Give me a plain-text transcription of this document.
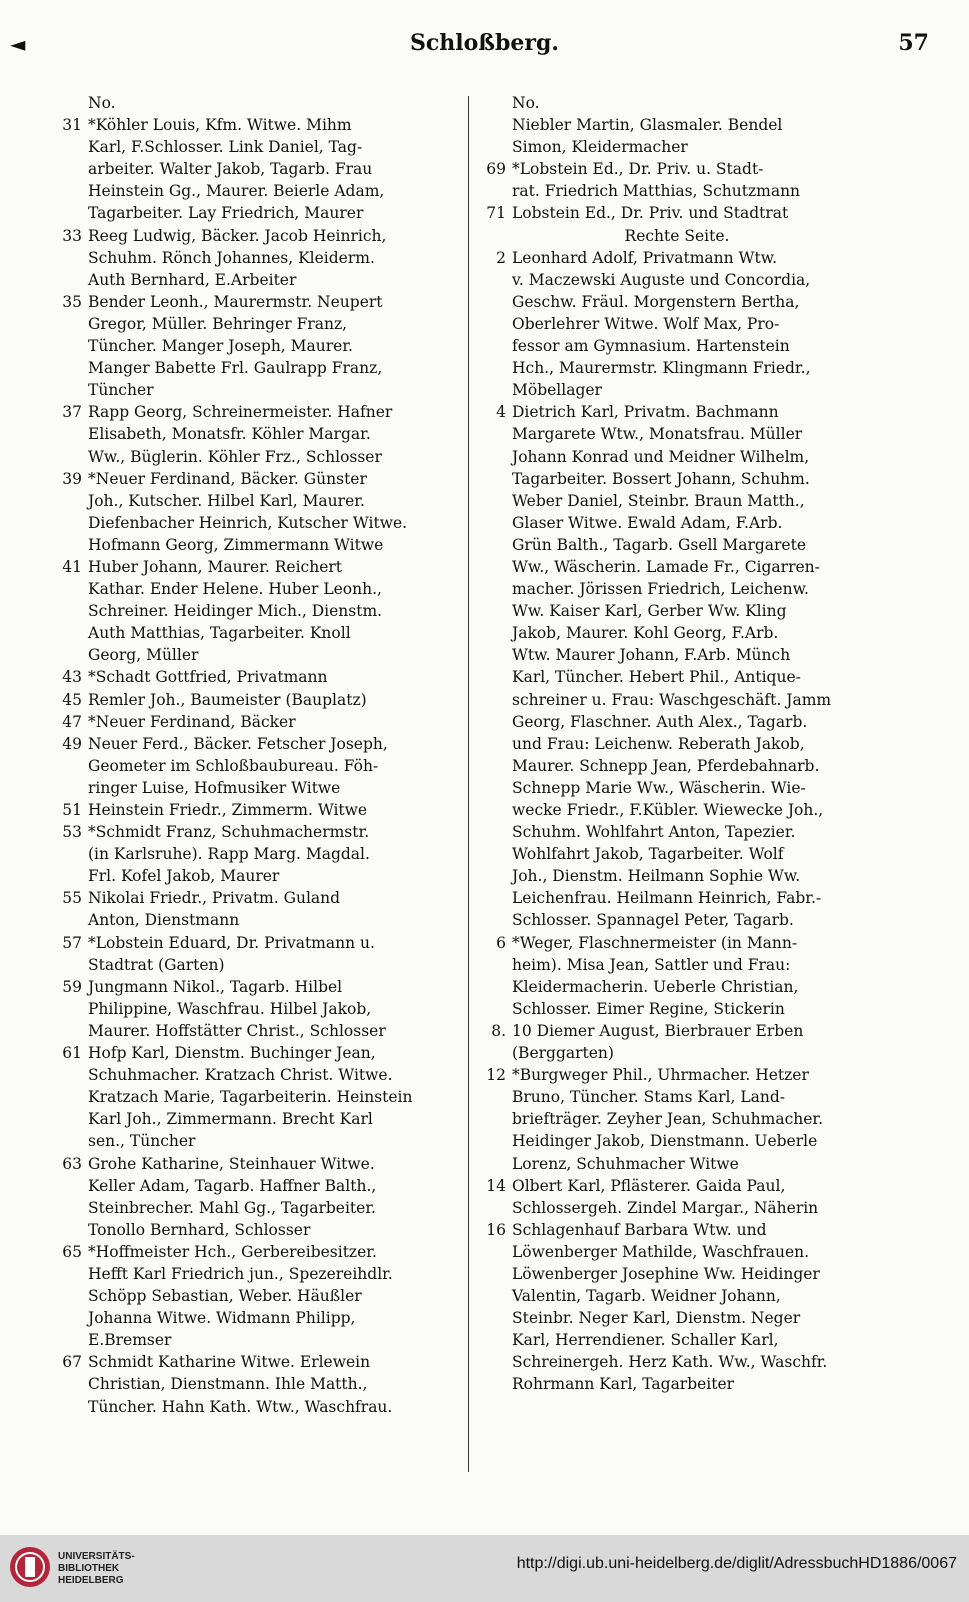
◄	Schloßberg.	57
No.
31 *Köhler Louis, Kfm. Witwe. Mihm
Karl, F.Schlosser. Link Daniel, Tag-
arbeiter. Walter Jakob, Tagarb. Frau
Heinstein Gg., Maurer. Beierle Adam,
Tagarbeiter. Lay Friedrich, Maurer
33 Reeg Ludwig, Bäcker. Jacob Heinrich,
Schuhm. Rönch Johannes, Kleiderm.
Auth Bernhard, E.Arbeiter
35 Bender Leonh., Maurermstr. Neupert
Gregor, Müller. Behringer Franz,
Tüncher. Manger Joseph, Maurer.
Manger Babette Frl. Gaulrapp Franz,
Tüncher
37 Rapp Georg, Schreinermeister. Hafner
Elisabeth, Monatsfr. Köhler Margar.
Ww., Büglerin. Köhler Frz., Schlosser
39 *Neuer Ferdinand, Bäcker. Günster
Joh., Kutscher. Hilbel Karl, Maurer.
Diefenbacher Heinrich, Kutscher Witwe.
Hofmann Georg, Zimmermann Witwe
41 Huber Johann, Maurer. Reichert
Kathar. Ender Helene. Huber Leonh.,
Schreiner. Heidinger Mich., Dienstm.
Auth Matthias, Tagarbeiter. Knoll
Georg, Müller
43 *Schadt Gottfried, Privatmann
45 Remler Joh., Baumeister (Bauplatz)
47 *Neuer Ferdinand, Bäcker
49 Neuer Ferd., Bäcker. Fetscher Joseph,
Geometer im Schloßbaubureau. Föh-
ringer Luise, Hofmusiker Witwe
51 Heinstein Friedr., Zimmerm. Witwe
53 *Schmidt Franz, Schuhmachermstr.
(in Karlsruhe). Rapp Marg. Magdal.
Frl. Kofel Jakob, Maurer
55 Nikolai Friedr., Privatm. Guland
Anton, Dienstmann
57 *Lobstein Eduard, Dr. Privatmann u.
Stadtrat (Garten)
59 Jungmann Nikol., Tagarb. Hilbel
Philippine, Waschfrau. Hilbel Jakob,
Maurer. Hoffstätter Christ., Schlosser
61 Hofp Karl, Dienstm. Buchinger Jean,
Schuhmacher. Kratzach Christ. Witwe.
Kratzach Marie, Tagarbeiterin. Heinstein
Karl Joh., Zimmermann. Brecht Karl
sen., Tüncher
63 Grohe Katharine, Steinhauer Witwe.
Keller Adam, Tagarb. Haffner Balth.,
Steinbrecher. Mahl Gg., Tagarbeiter.
Tonollo Bernhard, Schlosser
65 *Hoffmeister Hch., Gerbereibesitzer.
Hefft Karl Friedrich jun., Spezereihdlr.
Schöpp Sebastian, Weber. Häußler
Johanna Witwe. Widmann Philipp,
E.Bremser
67 Schmidt Katharine Witwe. Erlewein
Christian, Dienstmann. Ihle Matth.,
Tüncher. Hahn Kath. Wtw., Waschfrau.
No.
Niebler Martin, Glasmaler. Bendel
Simon, Kleidermacher
69 *Lobstein Ed., Dr. Priv. u. Stadt-
rat. Friedrich Matthias, Schutzmann
71 Lobstein Ed., Dr. Priv. und Stadtrat
Rechte Seite.
2 Leonhard Adolf, Privatmann Wtw.
v. Maczewski Auguste und Concordia,
Geschw. Fräul. Morgenstern Bertha,
Oberlehrer Witwe. Wolf Max, Pro-
fessor am Gymnasium. Hartenstein
Hch., Maurermstr. Klingmann Friedr.,
Möbellager
4 Dietrich Karl, Privatm. Bachmann
Margarete Wtw., Monatsfrau. Müller
Johann Konrad und Meidner Wilhelm,
Tagarbeiter. Bossert Johann, Schuhm.
Weber Daniel, Steinbr. Braun Matth.,
Glaser Witwe. Ewald Adam, F.Arb.
Grün Balth., Tagarb. Gsell Margarete
Ww., Wäscherin. Lamade Fr., Cigarren-
macher. Jörissen Friedrich, Leichenw.
Ww. Kaiser Karl, Gerber Ww. Kling
Jakob, Maurer. Kohl Georg, F.Arb.
Wtw. Maurer Johann, F.Arb. Münch
Karl, Tüncher. Hebert Phil., Antique-
schreiner u. Frau: Waschgeschäft. Jamm
Georg, Flaschner. Auth Alex., Tagarb.
und Frau: Leichenw. Reberath Jakob,
Maurer. Schnepp Jean, Pferdebahnarb.
Schnepp Marie Ww., Wäscherin. Wie-
wecke Friedr., F.Kübler. Wiewecke Joh.,
Schuhm. Wohlfahrt Anton, Tapezier.
Wohlfahrt Jakob, Tagarbeiter. Wolf
Joh., Dienstm. Heilmann Sophie Ww.
Leichenfrau. Heilmann Heinrich, Fabr.-
Schlosser. Spannagel Peter, Tagarb.
6 *Weger, Flaschnermeister (in Mann-
heim). Misa Jean, Sattler und Frau:
Kleidermacherin. Ueberle Christian,
Schlosser. Eimer Regine, Stickerin
8. 10 Diemer August, Bierbrauer Erben
(Berggarten)
12 *Burgweger Phil., Uhrmacher. Hetzer
Bruno, Tüncher. Stams Karl, Land-
briefträger. Zeyher Jean, Schuhmacher.
Heidinger Jakob, Dienstmann. Ueberle
Lorenz, Schuhmacher Witwe
14 Olbert Karl, Pflästerer. Gaida Paul,
Schlossergeh. Zindel Margar., Näherin
16 Schlagenhauf Barbara Wtw. und
Löwenberger Mathilde, Waschfrauen.
Löwenberger Josephine Ww. Heidinger
Valentin, Tagarb. Weidner Johann,
Steinbr. Neger Karl, Dienstm. Neger
Karl, Herrendiener. Schaller Karl,
Schreinergeh. Herz Kath. Ww., Waschfr.
Rohrmann Karl, Tagarbeiter
UNIVERSITÄTS-
BIBLIOTHEK
HEIDELBERG
http://digi.ub.uni-heidelberg.de/diglit/AdressbuchHD1886/0067
